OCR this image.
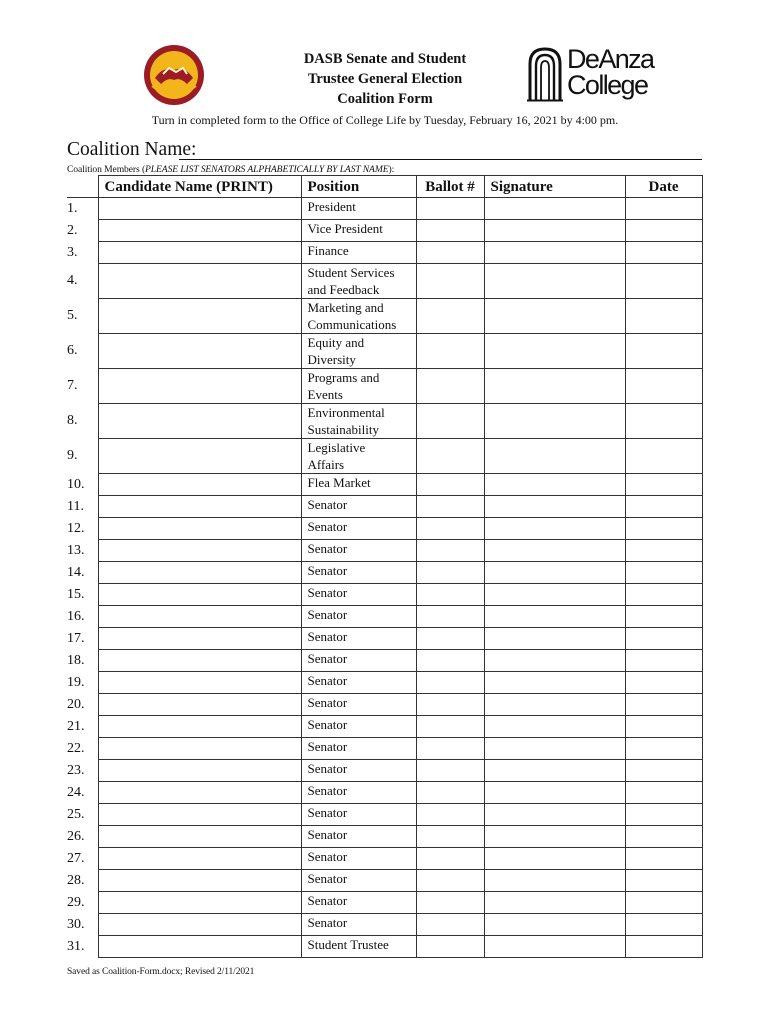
DASB Senate and Student
Trustee General Election
Coalition Form
DeAnza
College
Turn in completed form to the Office of College Life by Tuesday, February 16, 2021 by 4:00 pm.
Coalition Name:
Coalition Members (PLEASE LIST SENATORS ALPHABETICALLY BY LAST NAME):
	Candidate Name (PRINT)	Position	Ballot #	Signature	Date
1.		President			
2.		Vice President			
3.		Finance			
4.		Student Services
and Feedback			
5.		Marketing and
Communications			
6.		Equity and
Diversity			
7.		Programs and
Events			
8.		Environmental
Sustainability			
9.		Legislative
Affairs			
10.		Flea Market			
11.		Senator			
12.		Senator			
13.		Senator			
14.		Senator			
15.		Senator			
16.		Senator			
17.		Senator			
18.		Senator			
19.		Senator			
20.		Senator			
21.		Senator			
22.		Senator			
23.		Senator			
24.		Senator			
25.		Senator			
26.		Senator			
27.		Senator			
28.		Senator			
29.		Senator			
30.		Senator			
31.		Student Trustee			
Saved as Coalition-Form.docx; Revised 2/11/2021
